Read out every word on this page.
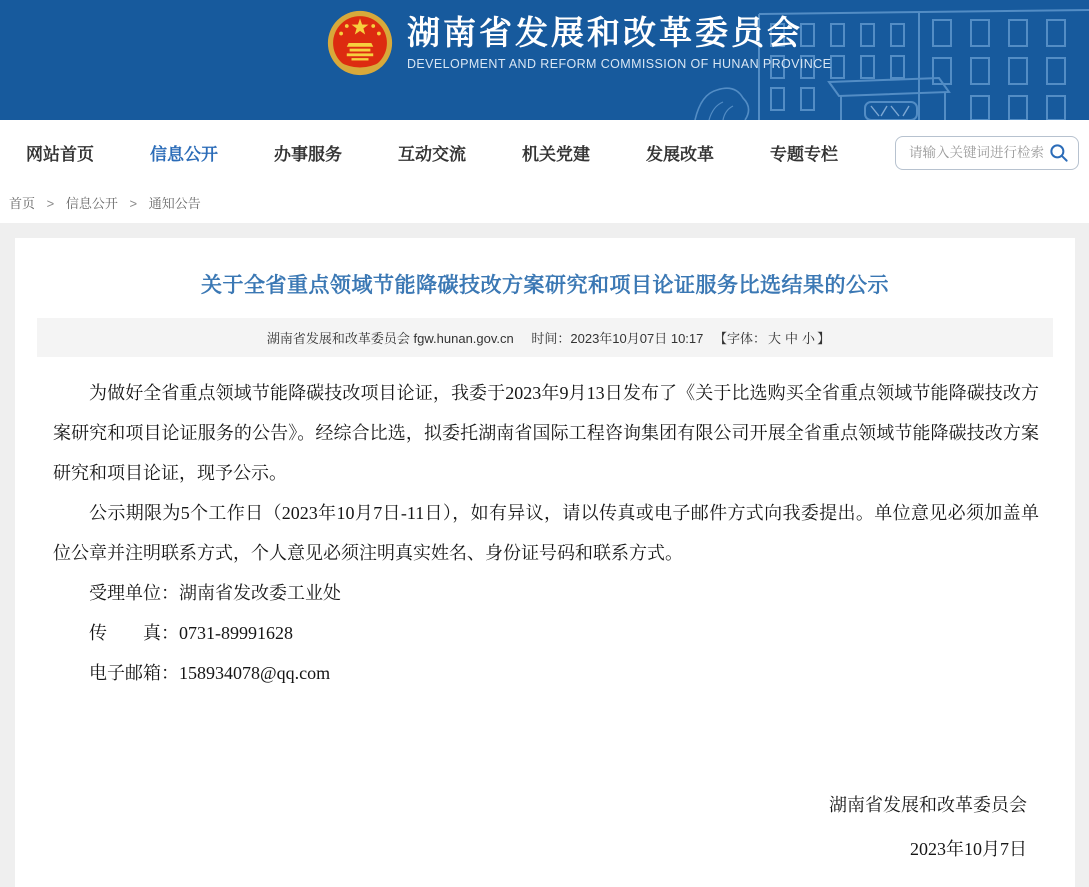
湖南省发展和改革委员会
DEVELOPMENT AND REFORM COMMISSION OF HUNAN PROVINCE
网站首页	信息公开	办事服务	互动交流	机关党建	发展改革	专题专栏
请输入关键词进行检索
首页 > 信息公开 > 通知公告
关于全省重点领域节能降碳技改方案研究和项目论证服务比选结果的公示
湖南省发展和改革委员会 fgw.hunan.gov.cn 时间：2023年10月07日 10:17 【字体： 大 中 小 】

为做好全省重点领域节能降碳技改项目论证，我委于2023年9月13日发布了《关于比选购买全省重点领域节能降碳技改方案研究和项目论证服务的公告》。经综合比选，拟委托湖南省国际工程咨询集团有限公司开展全省重点领域节能降碳技改方案研究和项目论证，现予公示。

公示期限为5个工作日（2023年10月7日-11日），如有异议，请以传真或电子邮件方式向我委提出。单位意见必须加盖单位公章并注明联系方式，个人意见必须注明真实姓名、身份证号码和联系方式。

受理单位：湖南省发改委工业处
传　　真：0731-89991628
电子邮箱：158934078@qq.com
湖南省发展和改革委员会
2023年10月7日
